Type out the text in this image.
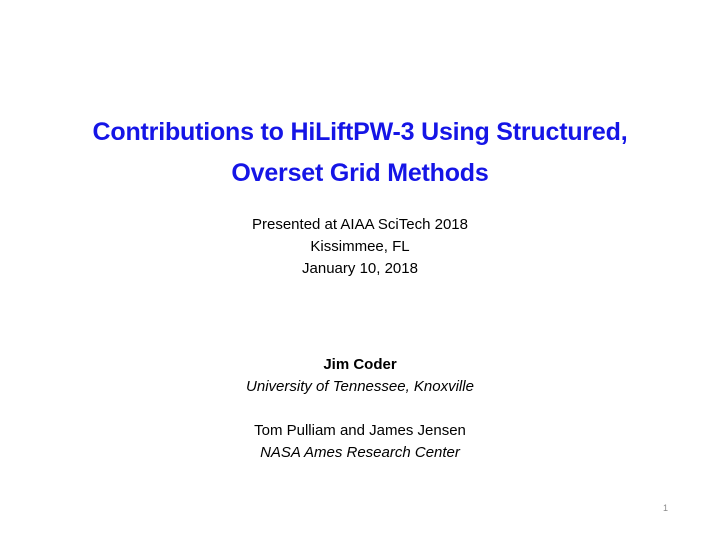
Contributions to HiLiftPW-3 Using Structured,
Overset Grid Methods
Presented at AIAA SciTech 2018
Kissimmee, FL
January 10, 2018
Jim Coder
University of Tennessee, Knoxville
Tom Pulliam and James Jensen
NASA Ames Research Center
1
